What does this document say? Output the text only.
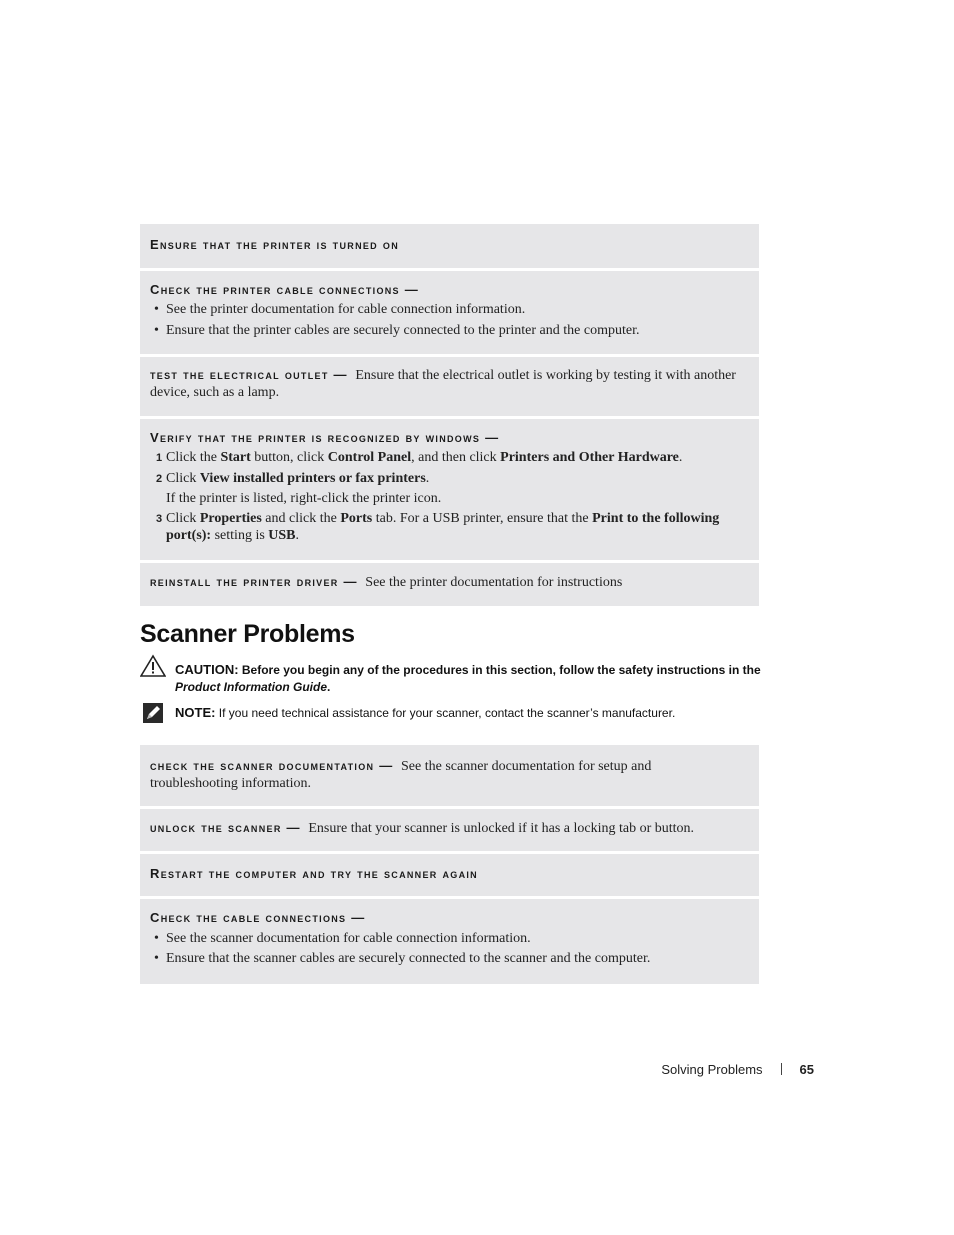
Ensure that the printer is turned on
Check the printer cable connections —
• See the printer documentation for cable connection information.
• Ensure that the printer cables are securely connected to the printer and the computer.
test the electrical outlet — Ensure that the electrical outlet is working by testing it with another
device, such as a lamp.
Verify that the printer is recognized by windows —
1 Click the Start button, click Control Panel, and then click Printers and Other Hardware.
2 Click View installed printers or fax printers.
If the printer is listed, right-click the printer icon.
3 Click Properties and click the Ports tab. For a USB printer, ensure that the Print to the following
port(s): setting is USB.
reinstall the printer driver — See the printer documentation for instructions
Scanner Problems
CAUTION: Before you begin any of the procedures in this section, follow the safety instructions in the
Product Information Guide.
NOTE: If you need technical assistance for your scanner, contact the scanner’s manufacturer.
check the scanner documentation — See the scanner documentation for setup and
troubleshooting information.
unlock the scanner — Ensure that your scanner is unlocked if it has a locking tab or button.
Restart the computer and try the scanner again
Check the cable connections —
• See the scanner documentation for cable connection information.
• Ensure that the scanner cables are securely connected to the scanner and the computer.
Solving Problems	65
